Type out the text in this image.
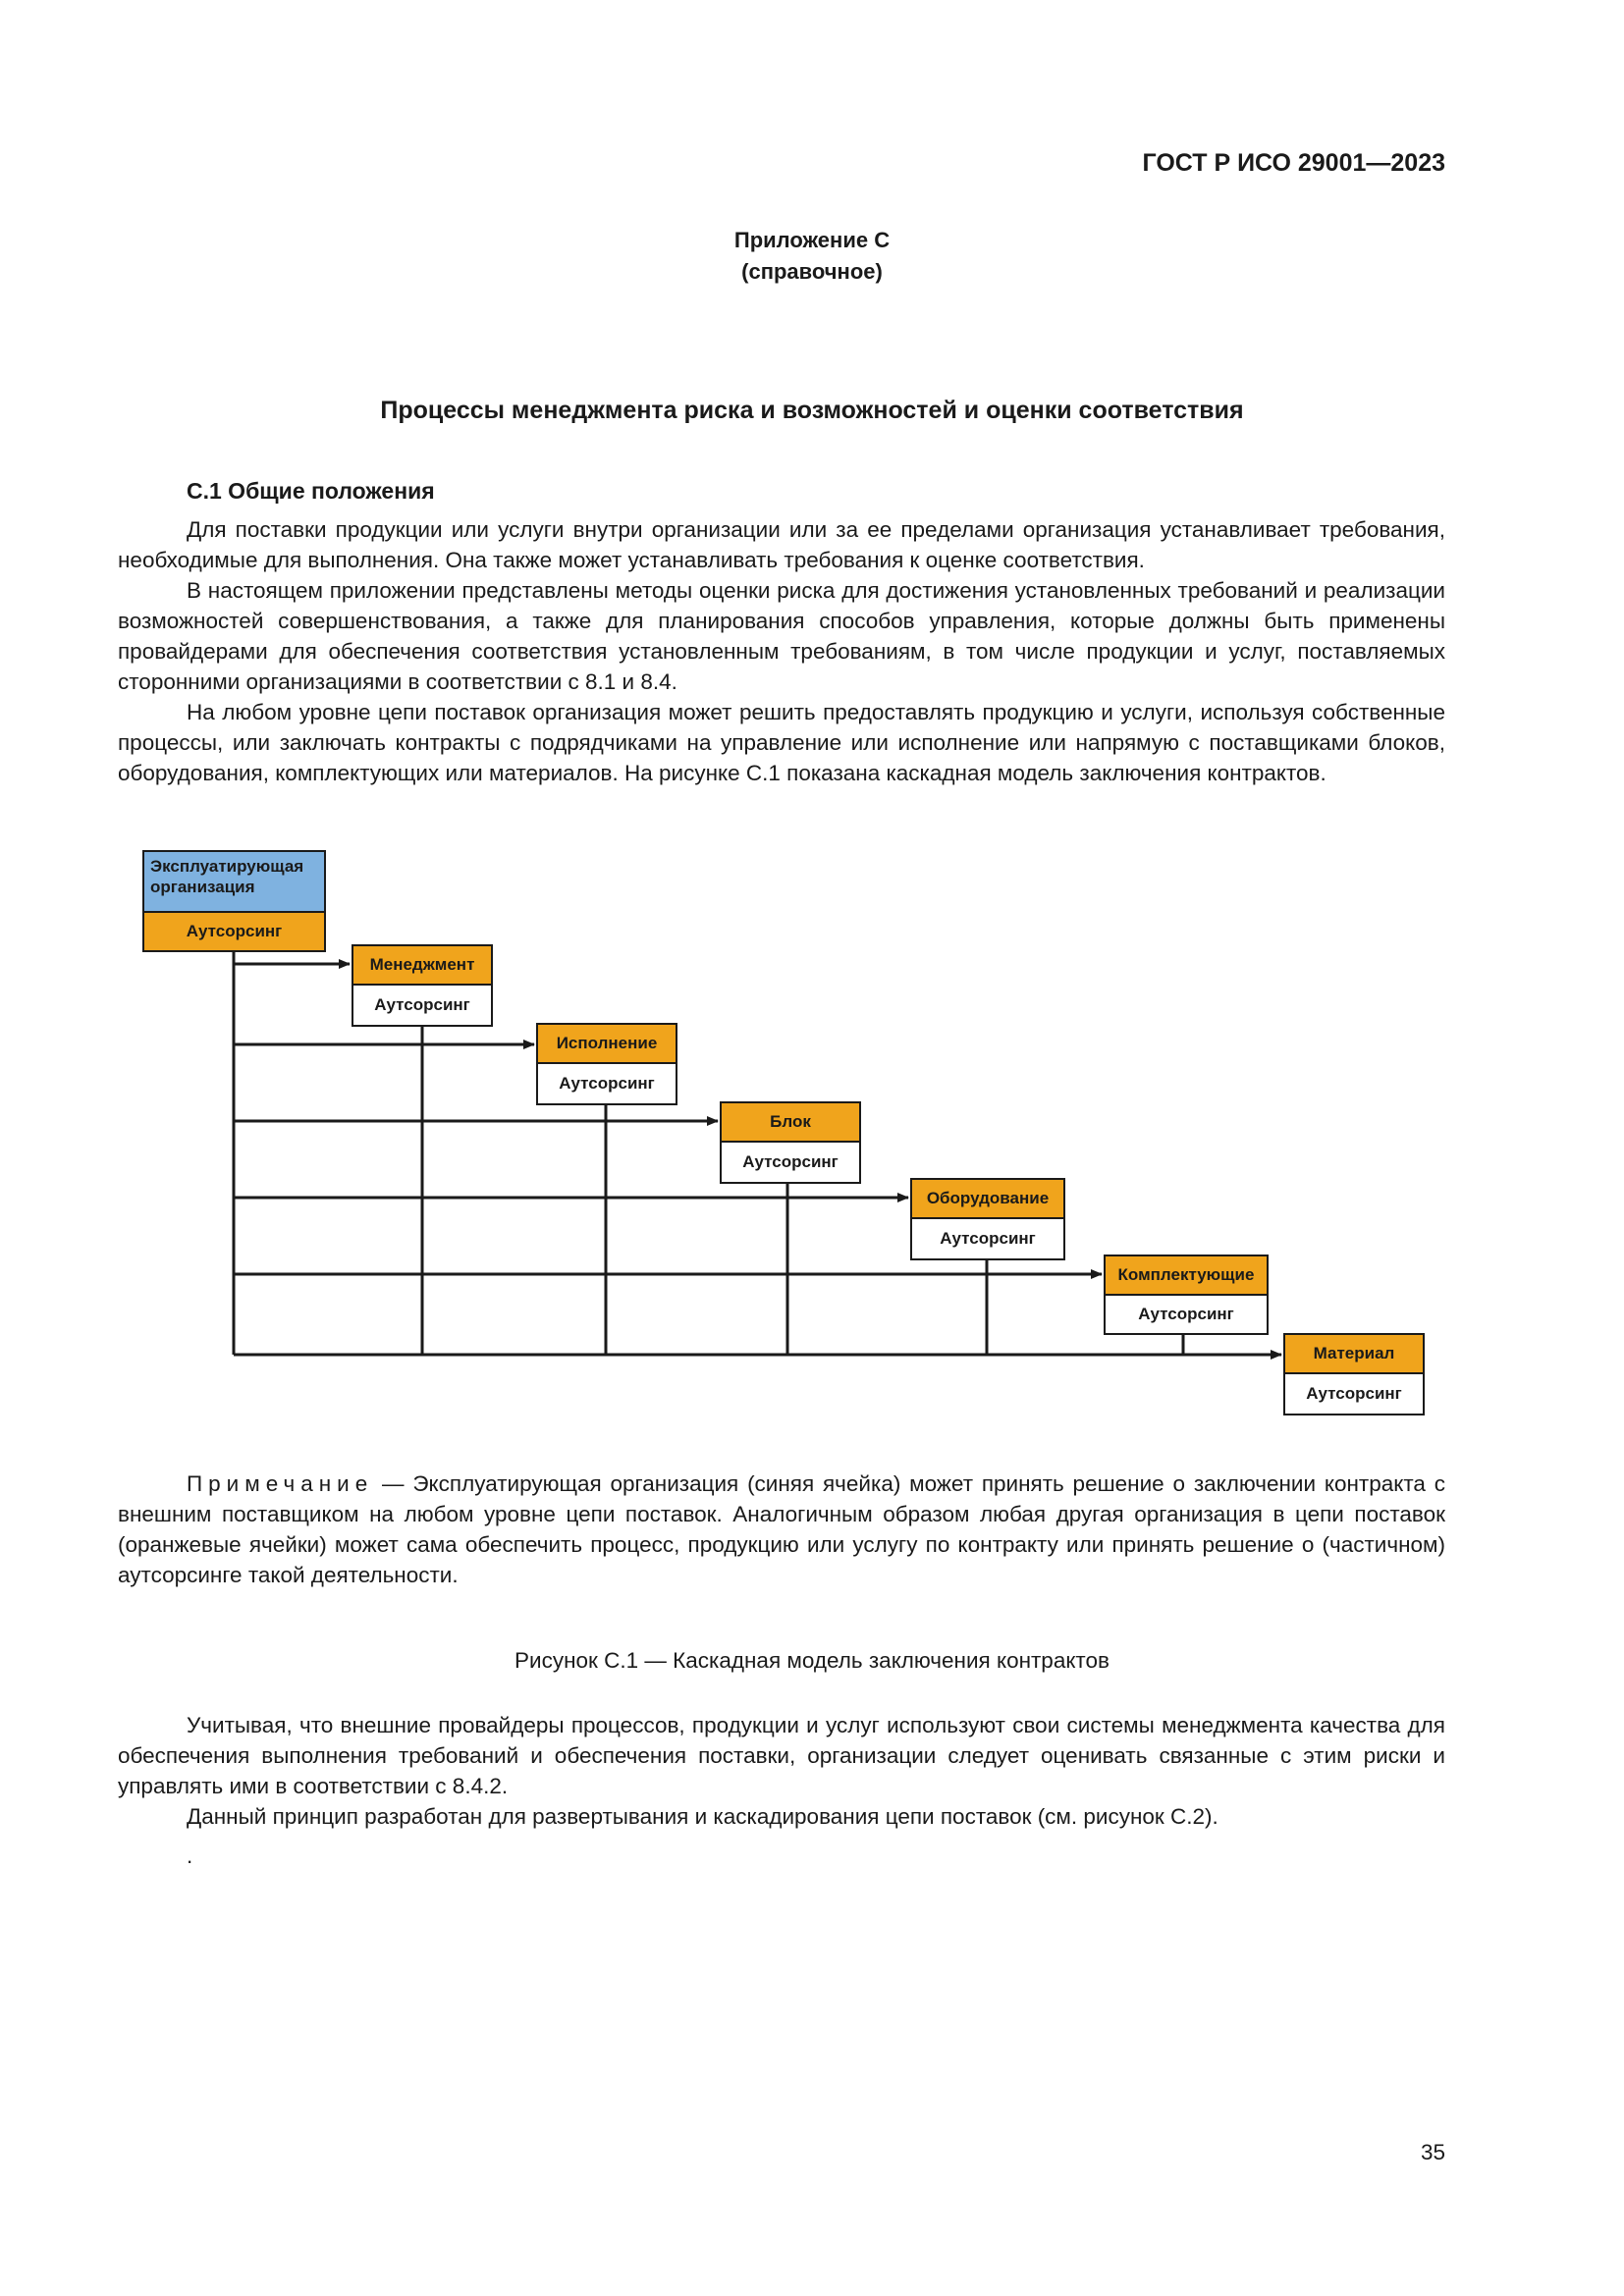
ГОСТ Р ИСО 29001—2023
Приложение С
(справочное)
Процессы менеджмента риска и возможностей и оценки соответствия
С.1 Общие положения

Для поставки продукции или услуги внутри организации или за ее пределами организация устанавливает требования, необходимые для выполнения. Она также может устанавливать требования к оценке соответствия.

В настоящем приложении представлены методы оценки риска для достижения установленных требований и реализации возможностей совершенствования, а также для планирования способов управления, которые должны быть применены провайдерами для обеспечения соответствия установленным требованиям, в том числе продукции и услуг, поставляемых сторонними организациями в соответствии с 8.1 и 8.4.

На любом уровне цепи поставок организация может решить предоставлять продукцию и услуги, используя собственные процессы, или заключать контракты с подрядчиками на управление или исполнение или напрямую с поставщиками блоков, оборудования, комплектующих или материалов. На рисунке С.1 показана каскадная модель заключения контрактов.

Эксплуатирующая организация
Аутсорсинг
Менеджмент
Аутсорсинг
Исполнение
Аутсорсинг
Блок
Аутсорсинг
Оборудование
Аутсорсинг
Комплектующие
Аутсорсинг
Материал
Аутсорсинг

Примечание — Эксплуатирующая организация (синяя ячейка) может принять решение о заключении контракта с внешним поставщиком на любом уровне цепи поставок. Аналогичным образом любая другая организация в цепи поставок (оранжевые ячейки) может сама обеспечить процесс, продукцию или услугу по контракту или принять решение о (частичном) аутсорсинге такой деятельности.

Рисунок С.1 — Каскадная модель заключения контрактов

Учитывая, что внешние провайдеры процессов, продукции и услуг используют свои системы менеджмента качества для обеспечения выполнения требований и обеспечения поставки, организации следует оценивать связанные с этим риски и управлять ими в соответствии с 8.4.2.

Данный принцип разработан для развертывания и каскадирования цепи поставок (см. рисунок С.2).

.
35
